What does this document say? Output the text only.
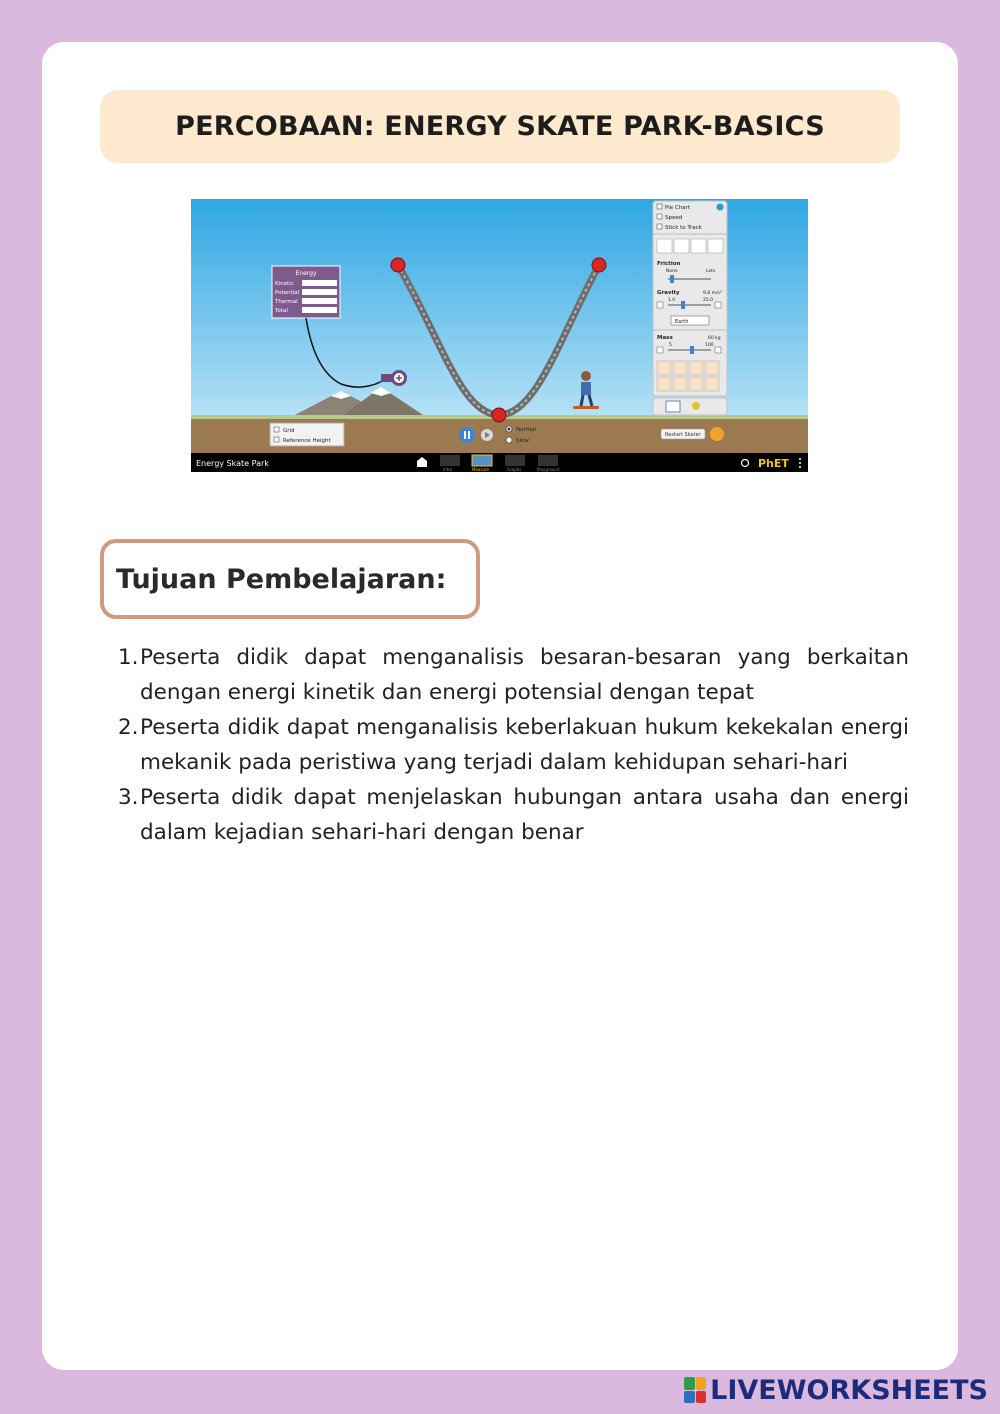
PERCOBAAN: ENERGY SKATE PARK-BASICS
Energy
Kinetic
Potential
Thermal
Total
Pie Chart
Speed
Stick to Track
Friction
None	Lots
Gravity	9.8 m/s²
1.0	25.0
Earth
Mass	60 kg
5	100
Grid
Reference Height
Normal
Slow
Restart Skater
Energy Skate Park
Intro	Measure	Graphs	Playground	PhET
Tujuan Pembelajaran:
1. Peserta didik dapat menganalisis besaran-besaran yang berkaitan dengan energi kinetik dan energi potensial dengan tepat
2. Peserta didik dapat menganalisis keberlakuan hukum kekekalan energi mekanik pada peristiwa yang terjadi dalam kehidupan sehari-hari
3. Peserta didik dapat menjelaskan hubungan antara usaha dan energi dalam kejadian sehari-hari dengan benar
LIVEWORKSHEETS
